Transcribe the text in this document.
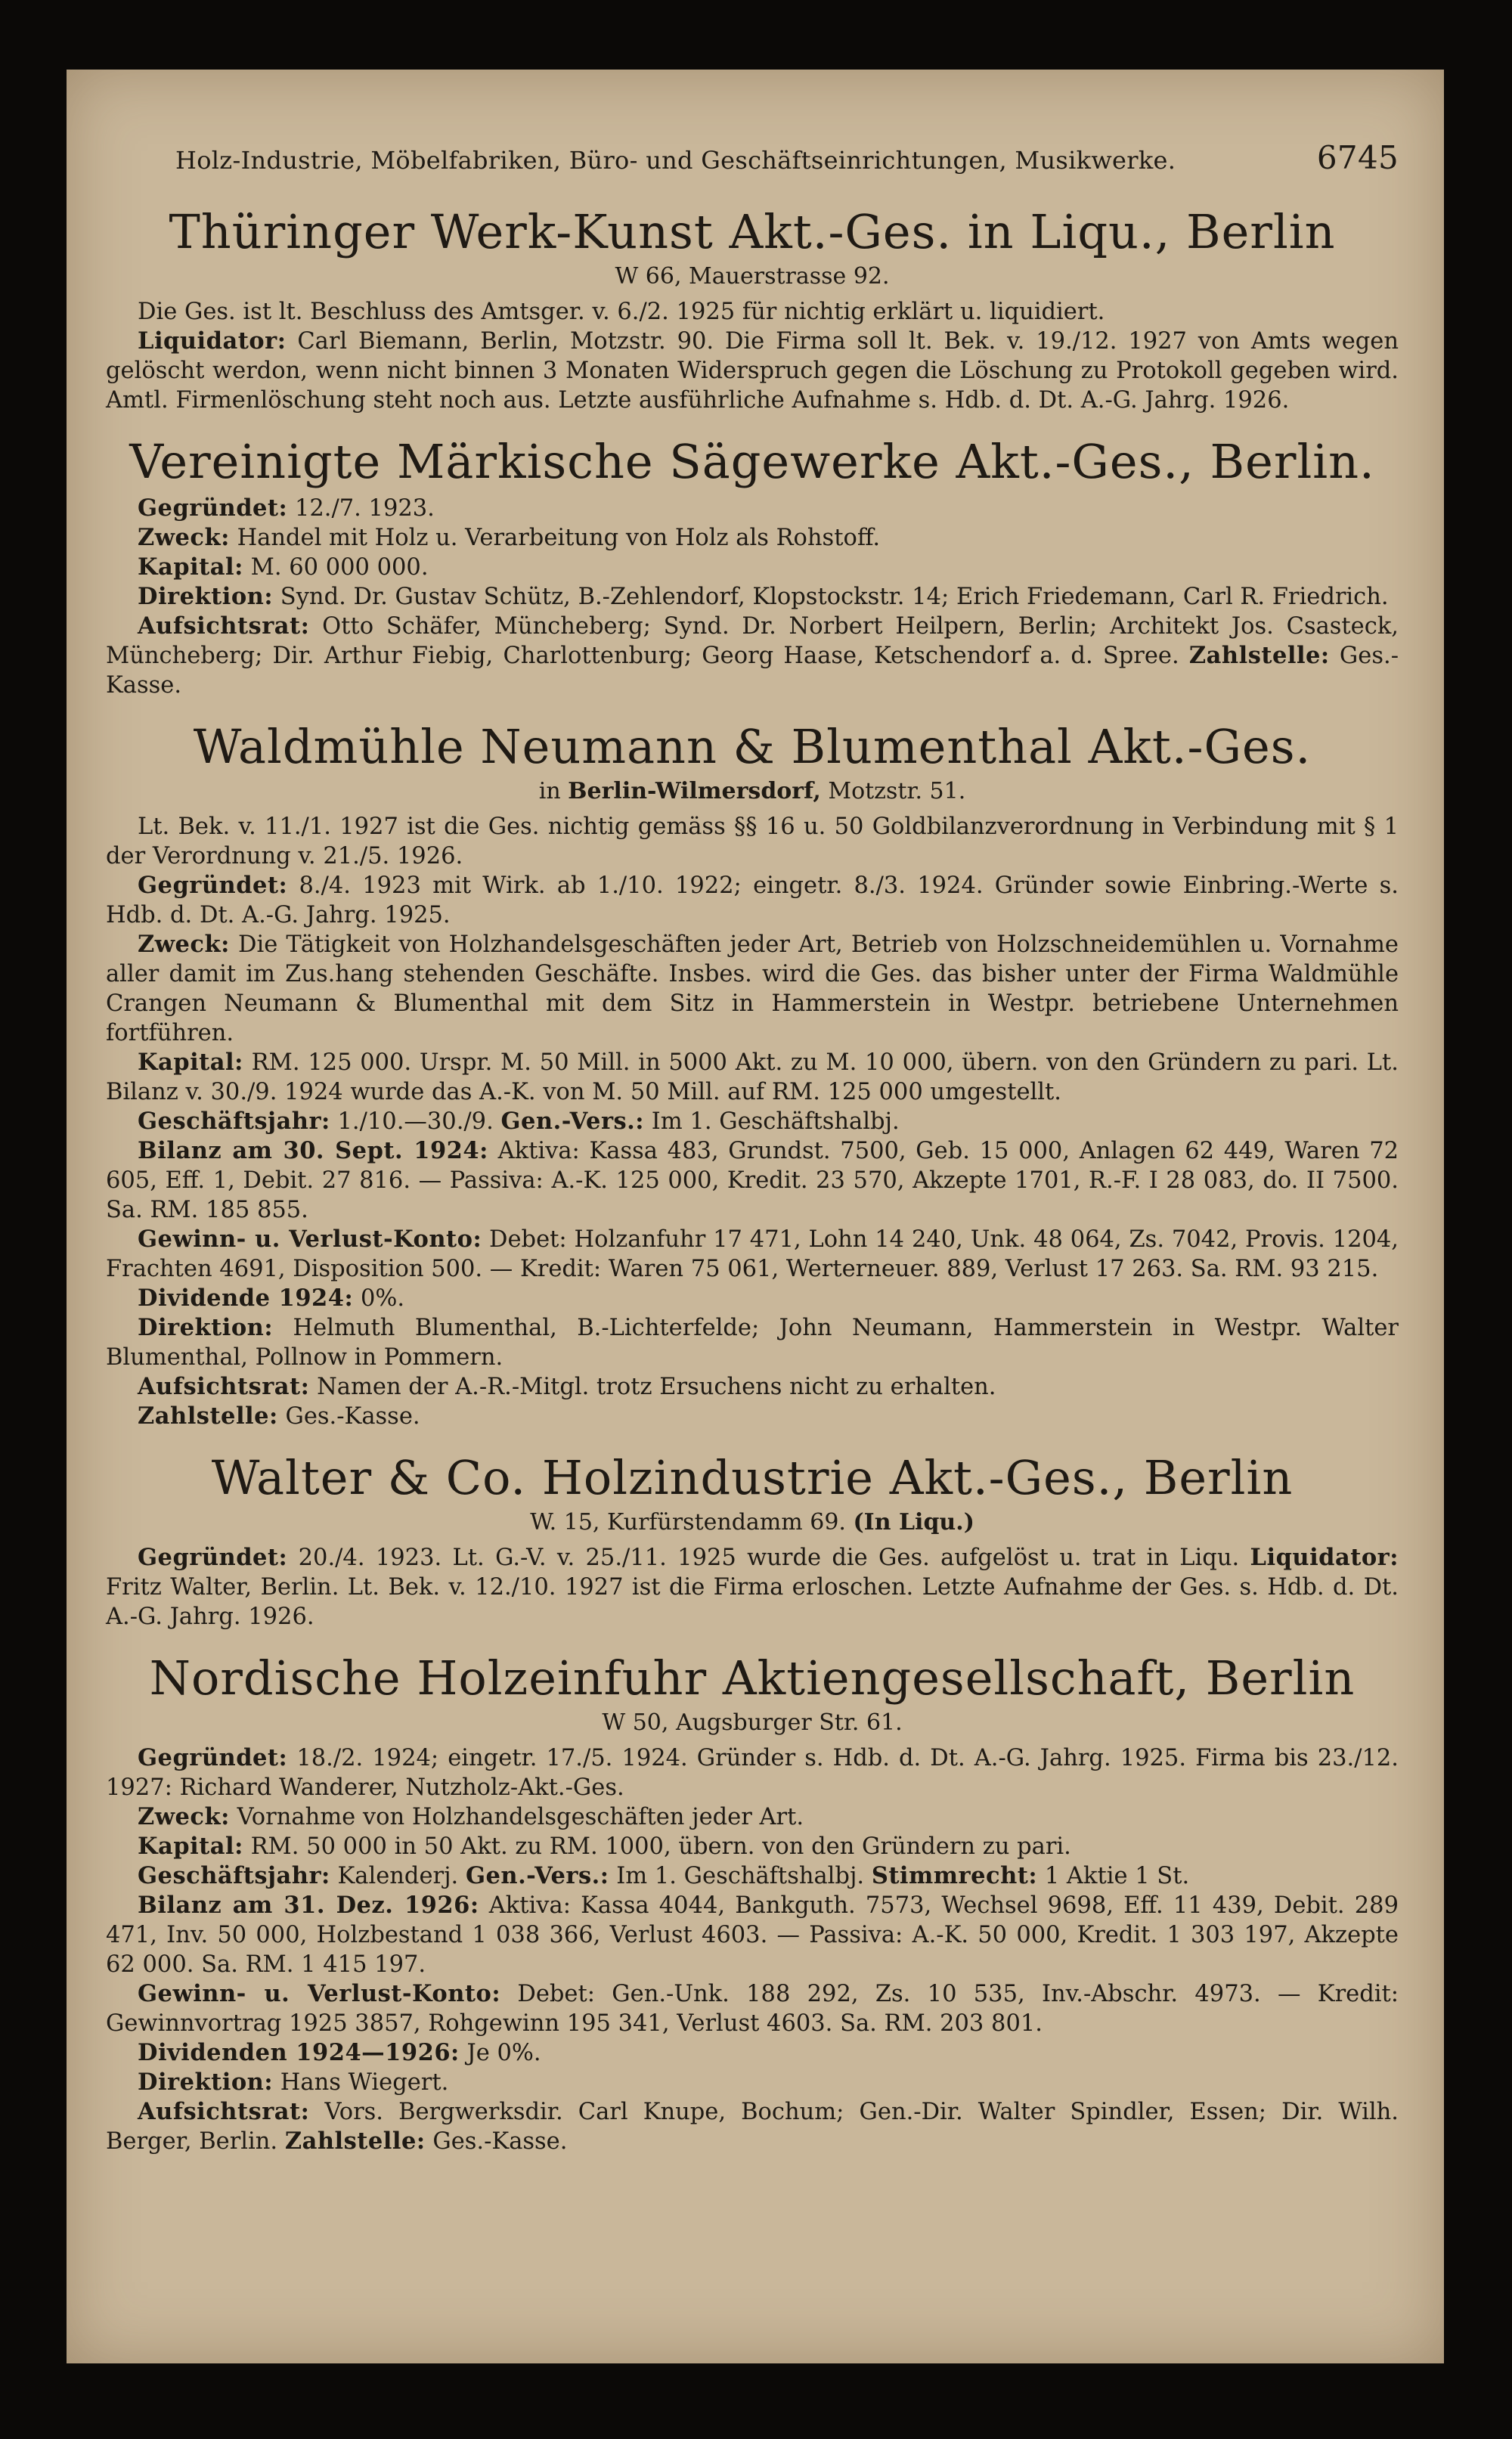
Holz-Industrie, Möbelfabriken, Büro- und Geschäftseinrichtungen, Musikwerke.	6745
Thüringer Werk-Kunst Akt.-Ges. in Liqu., Berlin
W 66, Mauerstrasse 92.

Die Ges. ist lt. Beschluss des Amtsger. v. 6./2. 1925 für nichtig erklärt u. liquidiert.

Liquidator: Carl Biemann, Berlin, Motzstr. 90. Die Firma soll lt. Bek. v. 19./12. 1927 von Amts wegen gelöscht werdon, wenn nicht binnen 3 Monaten Widerspruch gegen die Löschung zu Protokoll gegeben wird. Amtl. Firmenlöschung steht noch aus. Letzte ausführliche Aufnahme s. Hdb. d. Dt. A.-G. Jahrg. 1926.

Vereinigte Märkische Sägewerke Akt.-Ges., Berlin.

Gegründet: 12./7. 1923.

Zweck: Handel mit Holz u. Verarbeitung von Holz als Rohstoff.

Kapital: M. 60 000 000.

Direktion: Synd. Dr. Gustav Schütz, B.-Zehlendorf, Klopstockstr. 14; Erich Friedemann, Carl R. Friedrich.

Aufsichtsrat: Otto Schäfer, Müncheberg; Synd. Dr. Norbert Heilpern, Berlin; Architekt Jos. Csasteck, Müncheberg; Dir. Arthur Fiebig, Charlottenburg; Georg Haase, Ketschendorf a. d. Spree. Zahlstelle: Ges.-Kasse.

Waldmühle Neumann & Blumenthal Akt.-Ges.
in Berlin-Wilmersdorf, Motzstr. 51.

Lt. Bek. v. 11./1. 1927 ist die Ges. nichtig gemäss §§ 16 u. 50 Goldbilanzverordnung in Verbindung mit § 1 der Verordnung v. 21./5. 1926.

Gegründet: 8./4. 1923 mit Wirk. ab 1./10. 1922; eingetr. 8./3. 1924. Gründer sowie Einbring.-Werte s. Hdb. d. Dt. A.-G. Jahrg. 1925.

Zweck: Die Tätigkeit von Holzhandelsgeschäften jeder Art, Betrieb von Holzschneidemühlen u. Vornahme aller damit im Zus.hang stehenden Geschäfte. Insbes. wird die Ges. das bisher unter der Firma Waldmühle Crangen Neumann & Blumenthal mit dem Sitz in Hammerstein in Westpr. betriebene Unternehmen fortführen.

Kapital: RM. 125 000. Urspr. M. 50 Mill. in 5000 Akt. zu M. 10 000, übern. von den Gründern zu pari. Lt. Bilanz v. 30./9. 1924 wurde das A.-K. von M. 50 Mill. auf RM. 125 000 umgestellt.

Geschäftsjahr: 1./10.—30./9. Gen.-Vers.: Im 1. Geschäftshalbj.

Bilanz am 30. Sept. 1924: Aktiva: Kassa 483, Grundst. 7500, Geb. 15 000, Anlagen 62 449, Waren 72 605, Eff. 1, Debit. 27 816. — Passiva: A.-K. 125 000, Kredit. 23 570, Akzepte 1701, R.-F. I 28 083, do. II 7500. Sa. RM. 185 855.

Gewinn- u. Verlust-Konto: Debet: Holzanfuhr 17 471, Lohn 14 240, Unk. 48 064, Zs. 7042, Provis. 1204, Frachten 4691, Disposition 500. — Kredit: Waren 75 061, Werterneuer. 889, Verlust 17 263. Sa. RM. 93 215.

Dividende 1924: 0%.

Direktion: Helmuth Blumenthal, B.-Lichterfelde; John Neumann, Hammerstein in Westpr. Walter Blumenthal, Pollnow in Pommern.

Aufsichtsrat: Namen der A.-R.-Mitgl. trotz Ersuchens nicht zu erhalten.

Zahlstelle: Ges.-Kasse.

Walter & Co. Holzindustrie Akt.-Ges., Berlin
W. 15, Kurfürstendamm 69. (In Liqu.)

Gegründet: 20./4. 1923. Lt. G.-V. v. 25./11. 1925 wurde die Ges. aufgelöst u. trat in Liqu. Liquidator: Fritz Walter, Berlin. Lt. Bek. v. 12./10. 1927 ist die Firma erloschen. Letzte Aufnahme der Ges. s. Hdb. d. Dt. A.-G. Jahrg. 1926.

Nordische Holzeinfuhr Aktiengesellschaft, Berlin
W 50, Augsburger Str. 61.

Gegründet: 18./2. 1924; eingetr. 17./5. 1924. Gründer s. Hdb. d. Dt. A.-G. Jahrg. 1925. Firma bis 23./12. 1927: Richard Wanderer, Nutzholz-Akt.-Ges.

Zweck: Vornahme von Holzhandelsgeschäften jeder Art.

Kapital: RM. 50 000 in 50 Akt. zu RM. 1000, übern. von den Gründern zu pari.

Geschäftsjahr: Kalenderj. Gen.-Vers.: Im 1. Geschäftshalbj. Stimmrecht: 1 Aktie 1 St.

Bilanz am 31. Dez. 1926: Aktiva: Kassa 4044, Bankguth. 7573, Wechsel 9698, Eff. 11 439, Debit. 289 471, Inv. 50 000, Holzbestand 1 038 366, Verlust 4603. — Passiva: A.-K. 50 000, Kredit. 1 303 197, Akzepte 62 000. Sa. RM. 1 415 197.

Gewinn- u. Verlust-Konto: Debet: Gen.-Unk. 188 292, Zs. 10 535, Inv.-Abschr. 4973. — Kredit: Gewinnvortrag 1925 3857, Rohgewinn 195 341, Verlust 4603. Sa. RM. 203 801.

Dividenden 1924—1926: Je 0%.

Direktion: Hans Wiegert.

Aufsichtsrat: Vors. Bergwerksdir. Carl Knupe, Bochum; Gen.-Dir. Walter Spindler, Essen; Dir. Wilh. Berger, Berlin. Zahlstelle: Ges.-Kasse.
